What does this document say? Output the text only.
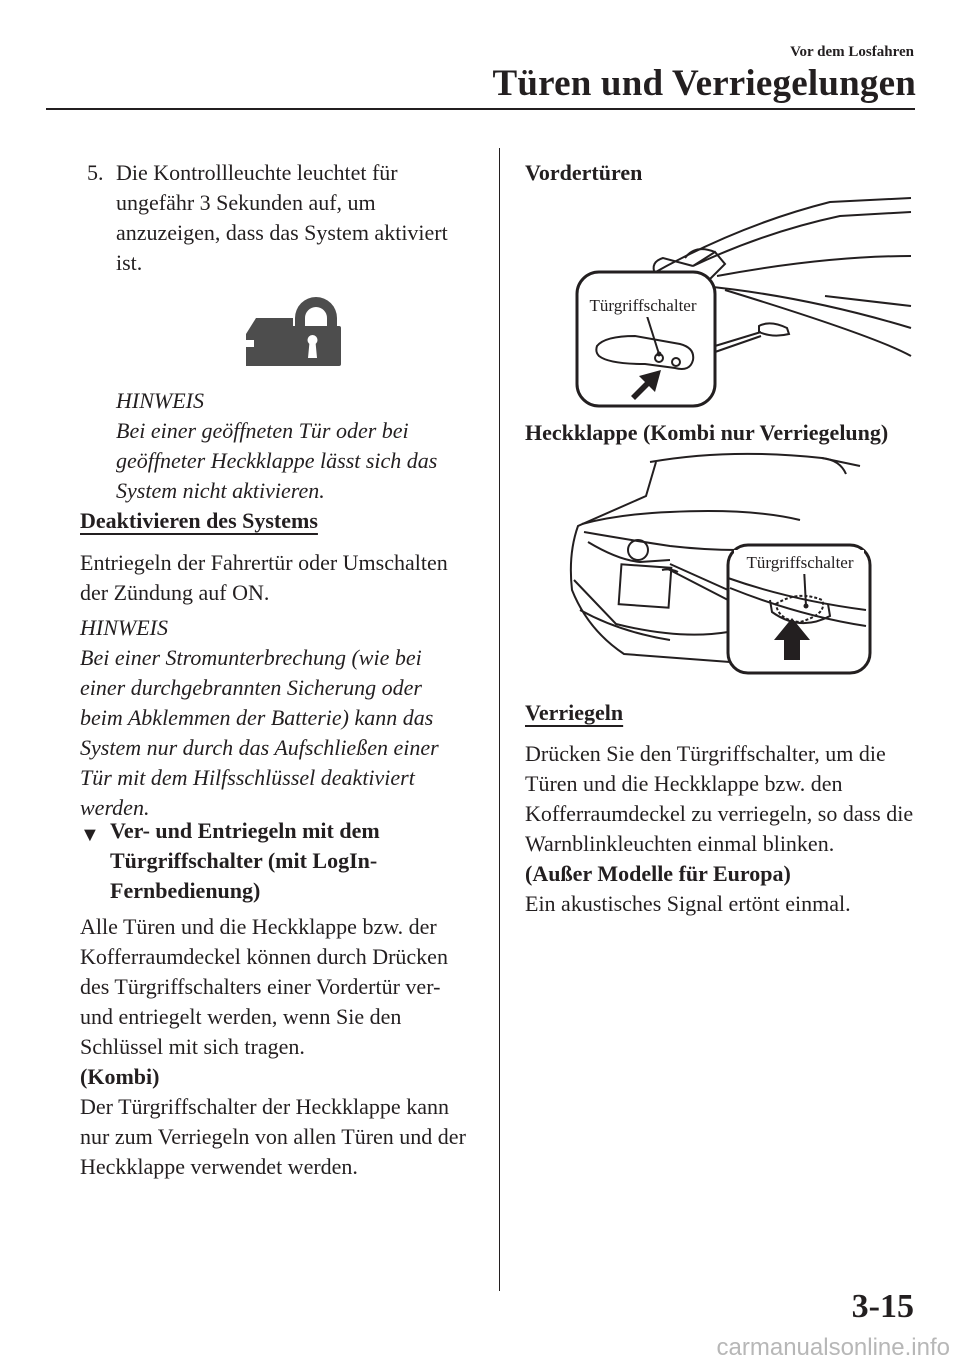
Vor dem Losfahren
Türen und Verriegelungen
5. Die Kontrollleuchte leuchtet für ungefähr 3 Sekunden auf, um anzuzeigen, dass das System aktiviert ist.

HINWEIS

Bei einer geöffneten Tür oder bei geöffneter Heckklappe lässt sich das System nicht aktivieren.

Deaktivieren des Systems
Entriegeln der Fahrertür oder Umschalten der Zündung auf ON.

HINWEIS

Bei einer Stromunterbrechung (wie bei einer durchgebrannten Sicherung oder beim Abklemmen der Batterie) kann das System nur durch das Aufschließen einer Tür mit dem Hilfsschlüssel deaktiviert werden.

▼ Ver- und Entriegeln mit dem Türgriffschalter (mit LogIn-Fernbedienung)

Alle Türen und die Heckklappe bzw. der Kofferraumdeckel können durch Drücken des Türgriffschalters einer Vordertür ver- und entriegelt werden, wenn Sie den Schlüssel mit sich tragen.

(Kombi)

Der Türgriffschalter der Heckklappe kann nur zum Verriegeln von allen Türen und der Heckklappe verwendet werden.

Vordertüren
Türgriffschalter
Heckklappe (Kombi nur Verriegelung)
Türgriffschalter
Verriegeln

Drücken Sie den Türgriffschalter, um die Türen und die Heckklappe bzw. den Kofferraumdeckel zu verriegeln, so dass die Warnblinkleuchten einmal blinken.

(Außer Modelle für Europa)

Ein akustisches Signal ertönt einmal.

3-15
carmanualsonline.info
